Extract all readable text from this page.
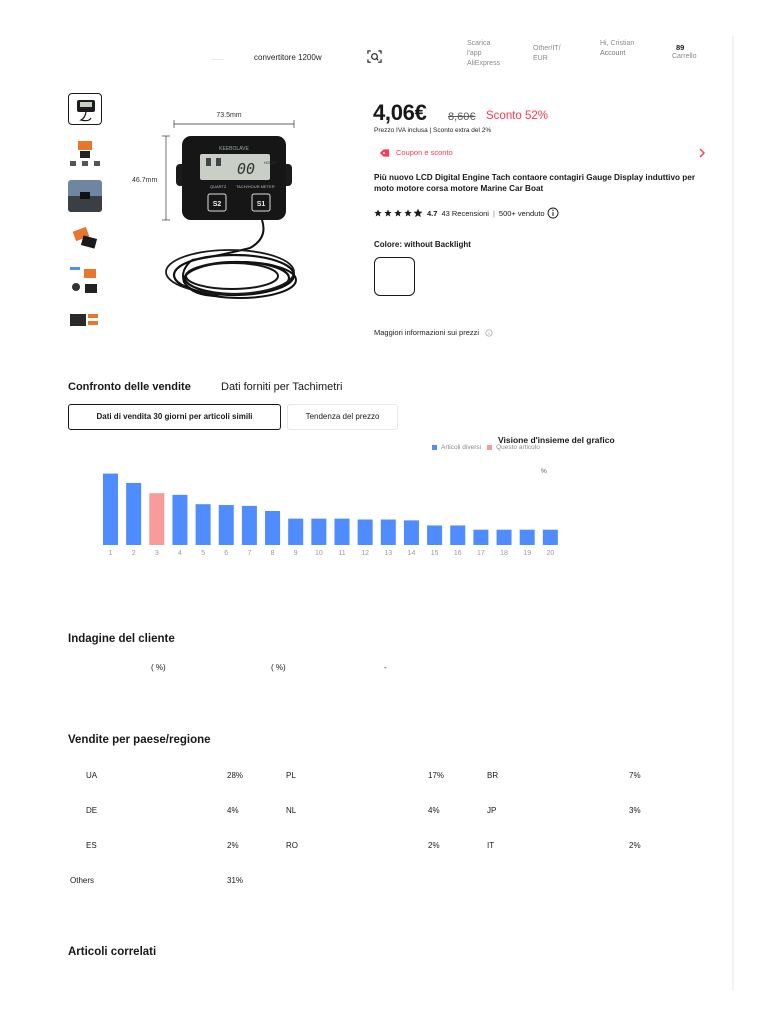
convertitore 1200w
Scarica
l'app
AliExpress
Other/IT/
EUR
Hi, Cristian
Account
89
Carrello
73.5mm
46.7mm
KEEBOLAVE
00	HOURS
QUARTZ TACH/HOUR METER
S2	S1
4,06€ 8,60€ Sconto 52%
Prezzo IVA inclusa | Sconto extra del 2%
Coupon e sconto
Più nuovo LCD Digital Engine Tach contaore contagiri Gauge Display induttivo per moto motore corsa motore Marine Car Boat
4.7 43 Recensioni | 500+ venduto
Colore: without Backlight
Maggiori informazioni sui prezzi
Confronto delle vendite	Dati forniti per Tachimetri
Dati di vendita 30 giorni per articoli simili	Tendenza del prezzo
Visione d'insieme del grafico
Articoli diversi Questo articolo
%
1	2	3	4	5	6	7	8	9 10 11 12 13 14 15 16 17 18 19 20
Indagine del cliente
( %)	( %)	-
Vendite per paese/regione
UA	28%	PL	17%	BR	7%
DE	4%	NL	4%	JP	3%
ES	2%	RO	2%	IT	2%
Others	31%
Articoli correlati
